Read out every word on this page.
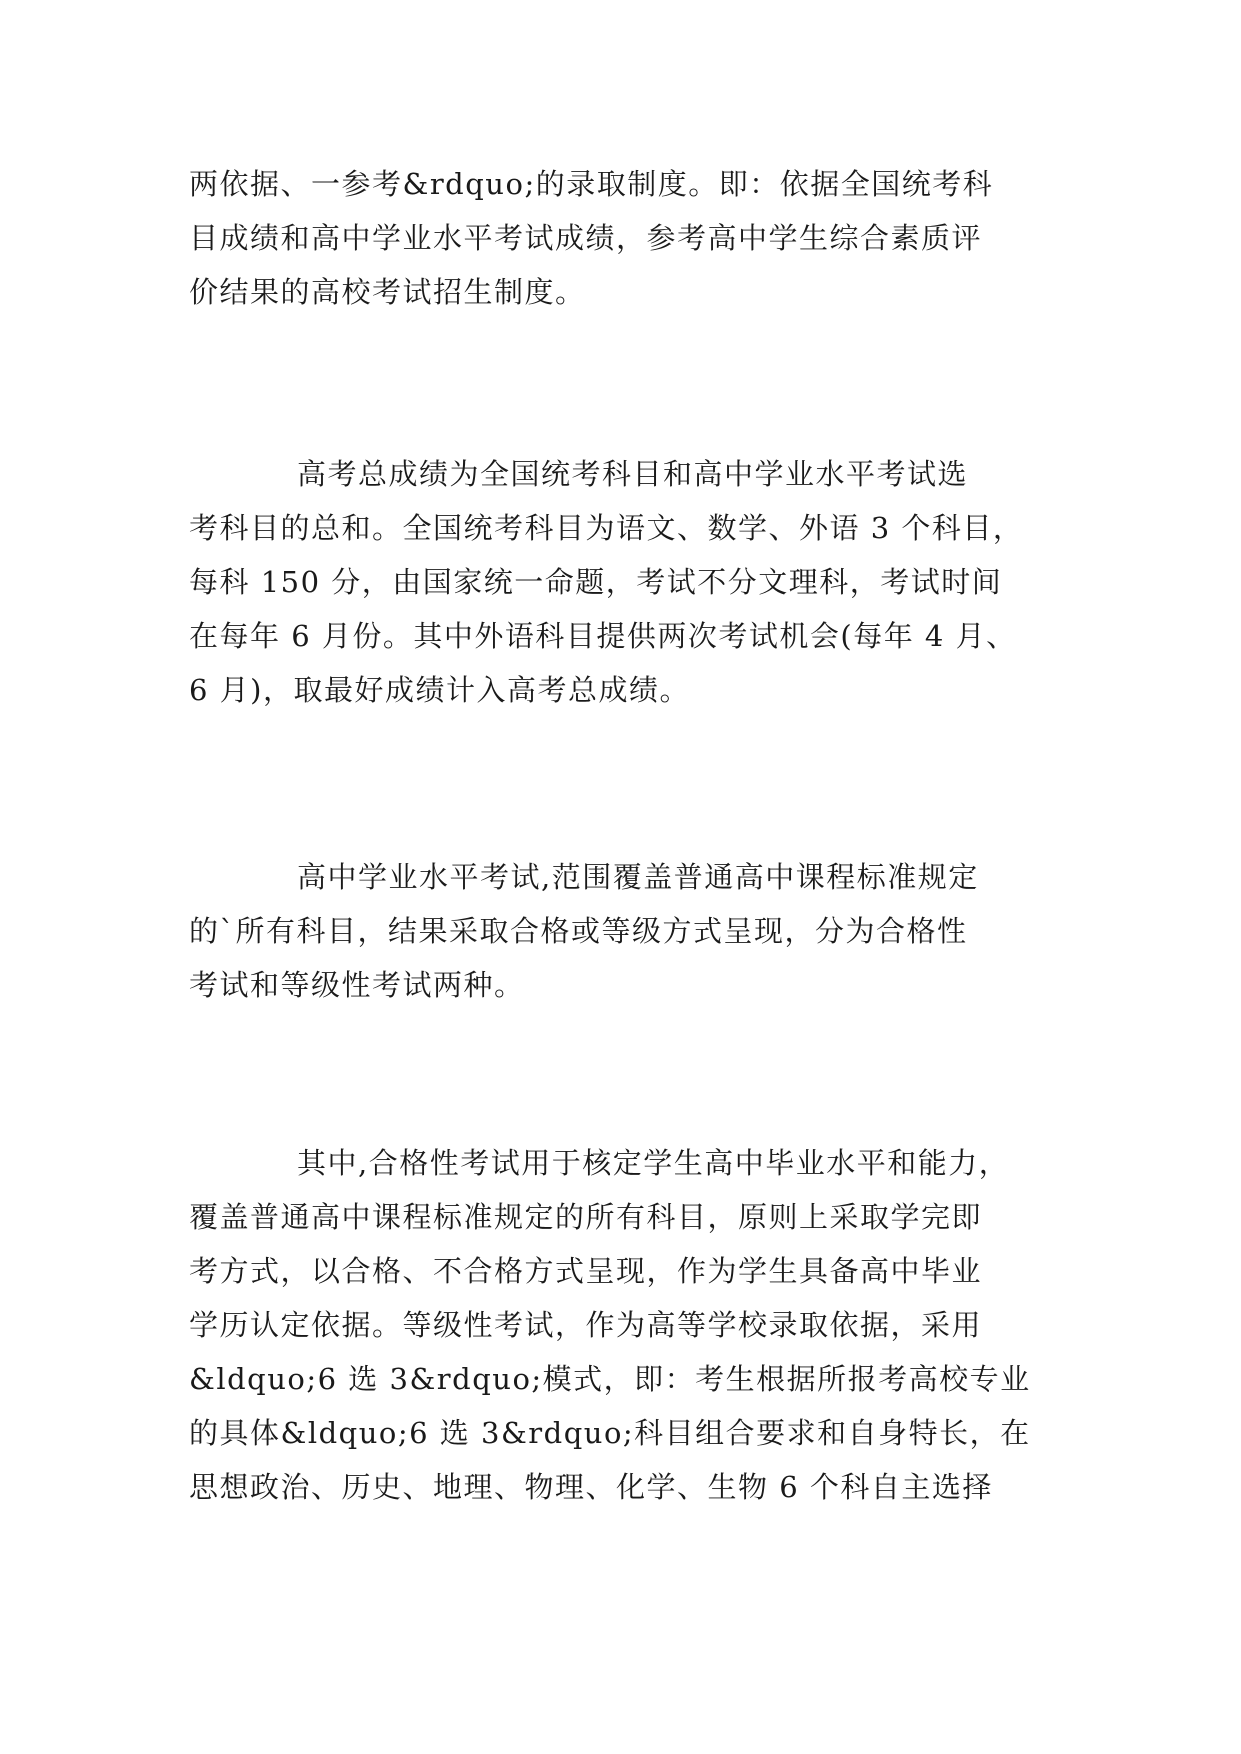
两依据、一参考&rdquo;的录取制度。即：依据全国统考科
目成绩和高中学业水平考试成绩，参考高中学生综合素质评
价结果的高校考试招生制度。
高考总成绩为全国统考科目和高中学业水平考试选
考科目的总和。全国统考科目为语文、数学、外语 3 个科目，
每科 150 分，由国家统一命题，考试不分文理科，考试时间
在每年 6 月份。其中外语科目提供两次考试机会(每年 4 月、
6 月)，取最好成绩计入高考总成绩。
高中学业水平考试,范围覆盖普通高中课程标准规定
的`所有科目，结果采取合格或等级方式呈现，分为合格性
考试和等级性考试两种。
其中,合格性考试用于核定学生高中毕业水平和能力，
覆盖普通高中课程标准规定的所有科目，原则上采取学完即
考方式，以合格、不合格方式呈现，作为学生具备高中毕业
学历认定依据。等级性考试，作为高等学校录取依据，采用
&ldquo;6 选 3&rdquo;模式，即：考生根据所报考高校专业
的具体&ldquo;6 选 3&rdquo;科目组合要求和自身特长，在
思想政治、历史、地理、物理、化学、生物 6 个科自主选择
